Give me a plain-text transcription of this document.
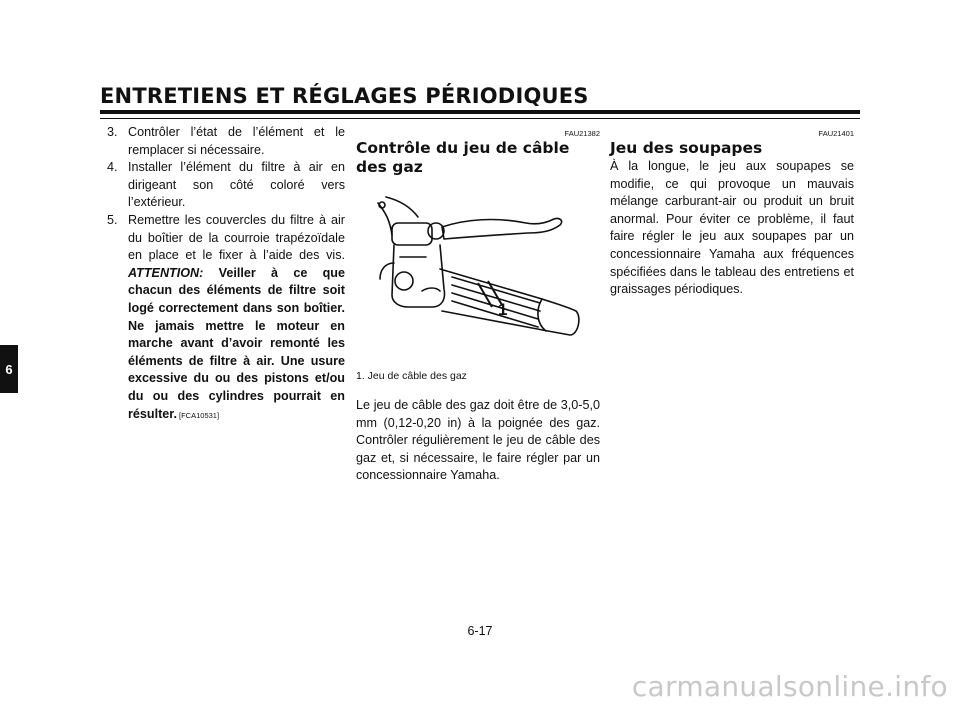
ENTRETIENS ET RÉGLAGES PÉRIODIQUES
6
3. Contrôler l’état de l’élément et le remplacer si nécessaire.
4. Installer l’élément du filtre à air en dirigeant son côté coloré vers l’extérieur.
5. Remettre les couvercles du filtre à air du boîtier de la courroie trapézoïdale en place et le fixer à l’aide des vis. ATTENTION: Veiller à ce que chacun des éléments de filtre soit logé correctement dans son boîtier. Ne jamais mettre le moteur en marche avant d’avoir remonté les éléments de filtre à air. Une usure excessive du ou des pistons et/ou du ou des cylindres pourrait en résulter. [FCA10531]
FAU21382
Contrôle du jeu de câble des gaz
1

1. Jeu de câble des gaz

Le jeu de câble des gaz doit être de 3,0-5,0 mm (0,12-0,20 in) à la poignée des gaz. Contrôler régulièrement le jeu de câble des gaz et, si nécessaire, le faire régler par un concessionnaire Yamaha.

FAU21401
Jeu des soupapes

À la longue, le jeu aux soupapes se modifie, ce qui provoque un mauvais mélange carburant-air ou produit un bruit anormal. Pour éviter ce problème, il faut faire régler le jeu aux soupapes par un concessionnaire Yamaha aux fréquences spécifiées dans le tableau des entretiens et graissages périodiques.

6-17
carmanualsonline.info
